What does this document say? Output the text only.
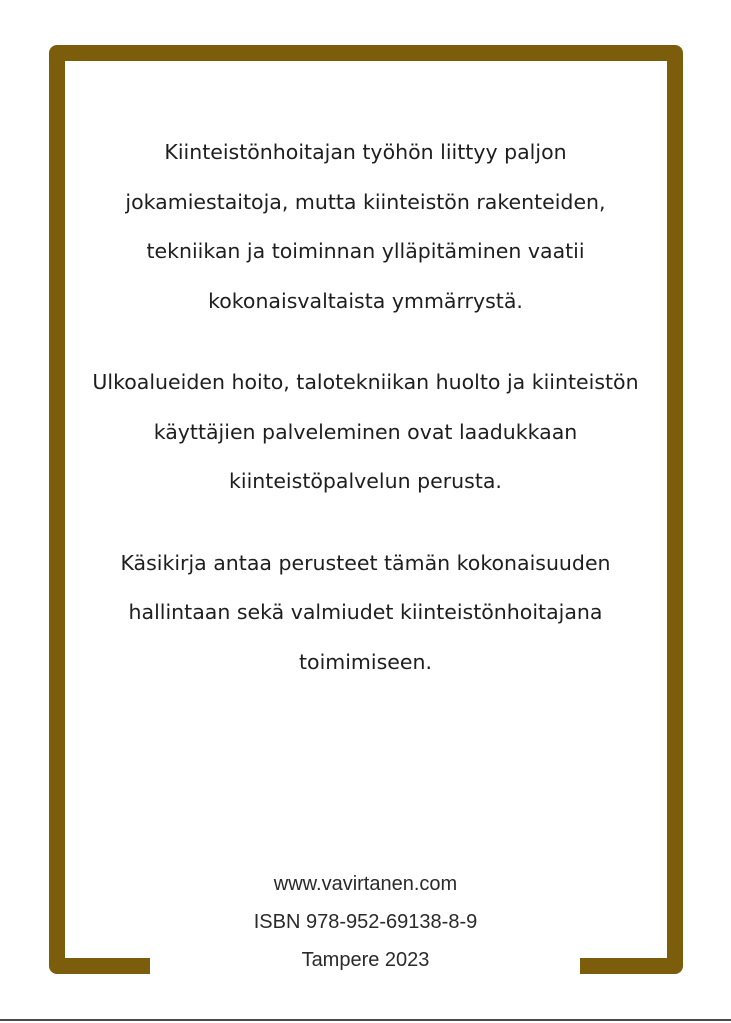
Kiinteistönhoitajan työhön liittyy paljon jokamiestaitoja, mutta kiinteistön rakenteiden, tekniikan ja toiminnan ylläpitäminen vaatii kokonaisvaltaista ymmärrystä.

Ulkoalueiden hoito, talotekniikan huolto ja kiinteistön käyttäjien palveleminen ovat laadukkaan kiinteistöpalvelun perusta.

Käsikirja antaa perusteet tämän kokonaisuuden hallintaan sekä valmiudet kiinteistönhoitajana toimimiseen.

www.vavirtanen.com
ISBN 978-952-69138-8-9
Tampere 2023
